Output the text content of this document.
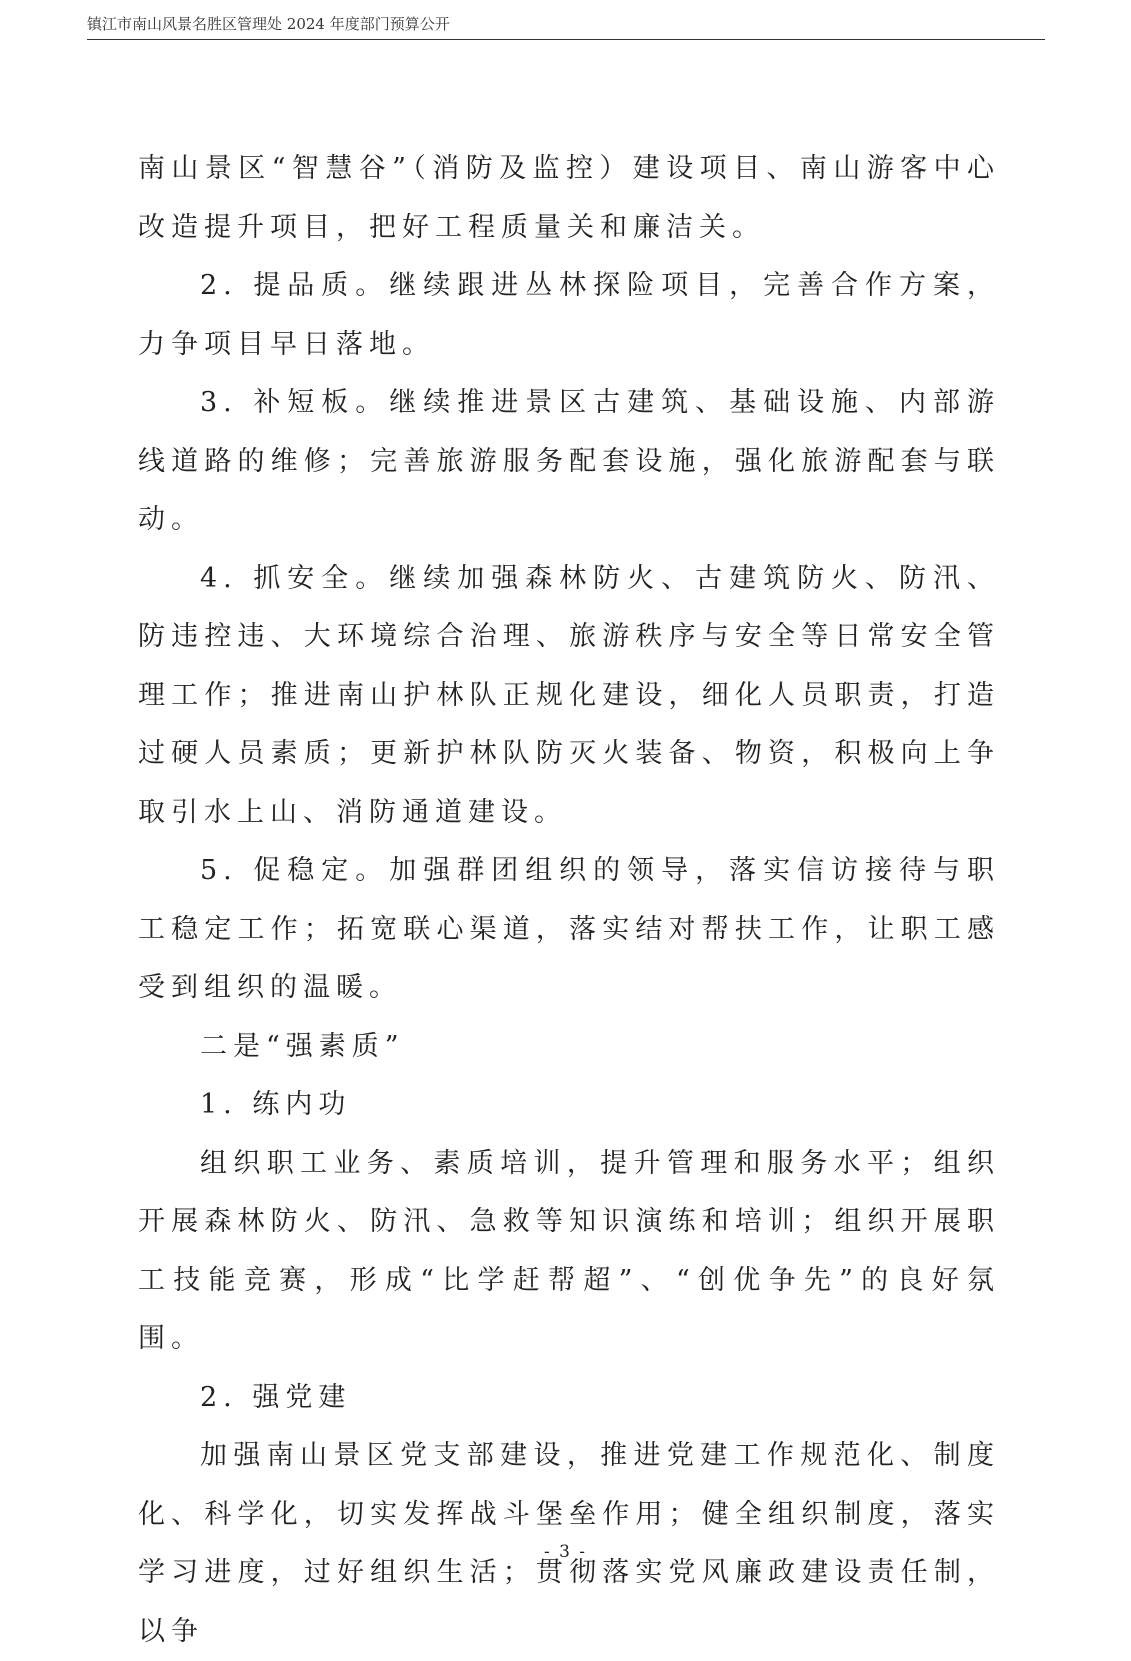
镇江市南山风景名胜区管理处 2024 年度部门预算公开

南山景区“智慧谷”（消防及监控）建设项目、南山游客中心改造提升项目，把好工程质量关和廉洁关。

2. 提品质。继续跟进丛林探险项目，完善合作方案，力争项目早日落地。

3. 补短板。继续推进景区古建筑、基础设施、内部游线道路的维修；完善旅游服务配套设施，强化旅游配套与联动。

4. 抓安全。继续加强森林防火、古建筑防火、防汛、防违控违、大环境综合治理、旅游秩序与安全等日常安全管理工作；推进南山护林队正规化建设，细化人员职责，打造过硬人员素质；更新护林队防灭火装备、物资，积极向上争取引水上山、消防通道建设。

5. 促稳定。加强群团组织的领导，落实信访接待与职工稳定工作；拓宽联心渠道，落实结对帮扶工作，让职工感受到组织的温暖。

二是“强素质”

1. 练内功

组织职工业务、素质培训，提升管理和服务水平；组织开展森林防火、防汛、急救等知识演练和培训；组织开展职工技能竞赛，形成“比学赶帮超”、“创优争先”的良好氛围。

2. 强党建

加强南山景区党支部建设，推进党建工作规范化、制度化、科学化，切实发挥战斗堡垒作用；健全组织制度，落实学习进度，过好组织生活；贯彻落实党风廉政建设责任制，以争

- 3 -
